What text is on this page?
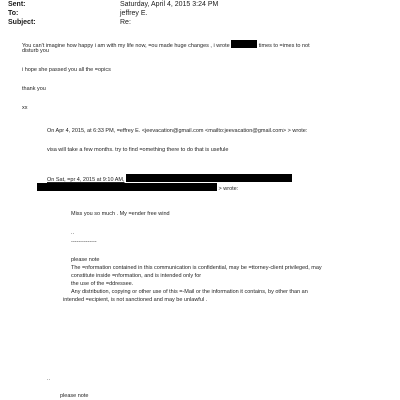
Sent:	Saturday, April 4, 2015 3:24 PM
To:	jeffrey E.
Subject:	Re:
You can't imagine how happy i am with my life now, =ou made huge changes , i wrote	times to =imes to not
disturb you
i hope she passed you all the =opics
thank you
xx
On Apr 4, 2015, at 6:33 PM, =effrey E. <jeevacation@gmail.com <mailto:jeevacation@gmail.com> > wrote:
visa will take a few months. try to find =omething there to do that is usefule
On Sat, =pr 4, 2015 at 9:10 AM,
> wrote:
Miss you so much . My =ender free wind
..
--------------
please note
The =nformation contained in this communication is confidential, may be =ttorney-client privileged, may
constitute inside =nformation, and is intended only for
the use of the =ddressee.
Any distribution, copying or other use of this =-Mail or the information it contains, by other than an
intended =ecipient, is not sanctioned and may be unlawful .
..
please note
